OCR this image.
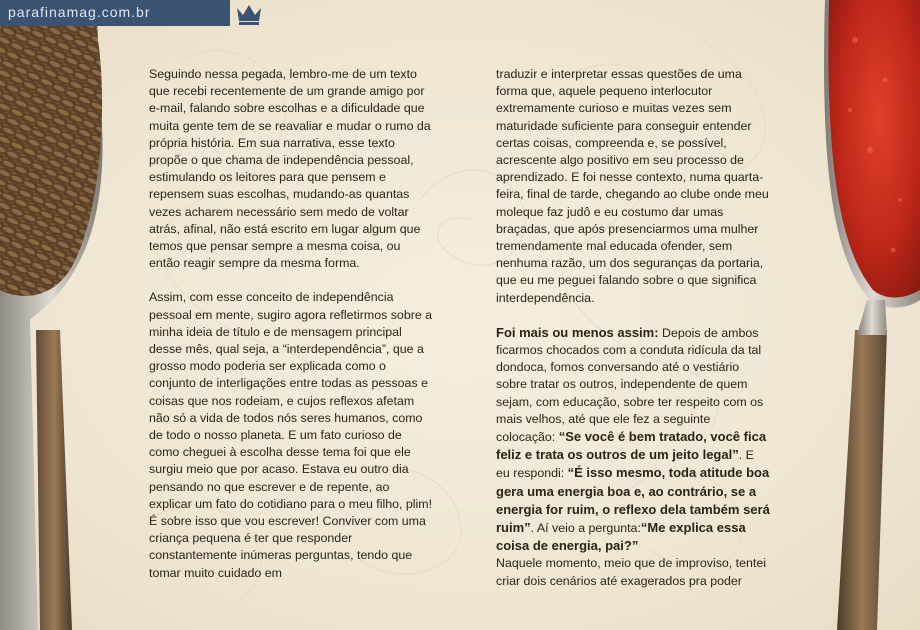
parafinamag.com.br

Seguindo nessa pegada, lembro-me de um texto que recebi recentemente de um grande amigo por e-mail, falando sobre escolhas e a dificuldade que muita gente tem de se reavaliar e mudar o rumo da própria história. Em sua narrativa, esse texto propõe o que chama de independência pessoal, estimulando os leitores para que pensem e repensem suas escolhas, mudando-as quantas vezes acharem necessário sem medo de voltar atrás, afinal, não está escrito em lugar algum que temos que pensar sempre a mesma coisa, ou então reagir sempre da mesma forma.

Assim, com esse conceito de independência pessoal em mente, sugiro agora refletirmos sobre a minha ideia de título e de mensagem principal desse mês, qual seja, a “interdependência”, que a grosso modo poderia ser explicada como o conjunto de interligações entre todas as pessoas e coisas que nos rodeiam, e cujos reflexos afetam não só a vida de todos nós seres humanos, como de todo o nosso planeta. E um fato curioso de como cheguei à escolha desse tema foi que ele surgiu meio que por acaso. Estava eu outro dia pensando no que escrever e de repente, ao explicar um fato do cotidiano para o meu filho, plim! É sobre isso que vou escrever! Conviver com uma criança pequena é ter que responder constantemente inúmeras perguntas, tendo que tomar muito cuidado em

traduzir e interpretar essas questões de uma forma que, aquele pequeno interlocutor extremamente curioso e muitas vezes sem maturidade suficiente para conseguir entender certas coisas, compreenda e, se possível, acrescente algo positivo em seu processo de aprendizado. E foi nesse contexto, numa quarta-feira, final de tarde, chegando ao clube onde meu moleque faz judô e eu costumo dar umas braçadas, que após presenciarmos uma mulher tremendamente mal educada ofender, sem nenhuma razão, um dos seguranças da portaria, que eu me peguei falando sobre o que significa interdependência.

Foi mais ou menos assim: Depois de ambos ficarmos chocados com a conduta ridícula da tal dondoca, fomos conversando até o vestiário sobre tratar os outros, independente de quem sejam, com educação, sobre ter respeito com os mais velhos, até que ele fez a seguinte colocação: “Se você é bem tratado, você fica feliz e trata os outros de um jeito legal”. E eu respondi: “É isso mesmo, toda atitude boa gera uma energia boa e, ao contrário, se a energia for ruim, o reflexo dela também será ruim”. Aí veio a pergunta:“Me explica essa coisa de energia, pai?”

Naquele momento, meio que de improviso, tentei criar dois cenários até exagerados pra poder
